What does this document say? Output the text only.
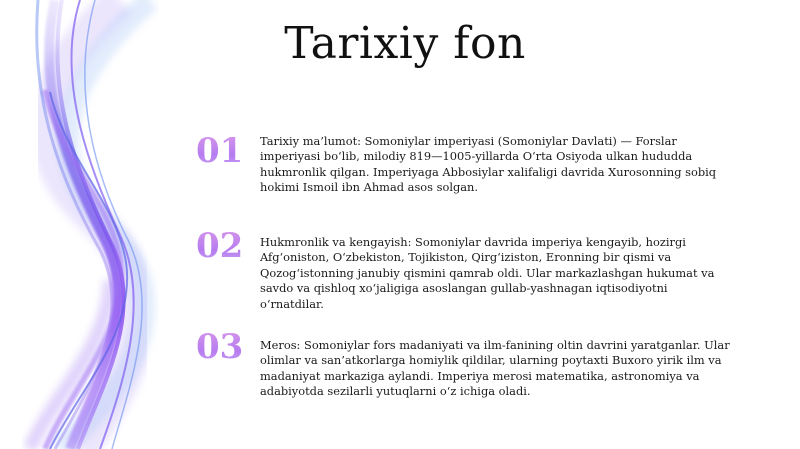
Tarixiy fon
01	Tarixiy ma’lumot: Somoniylar imperiyasi (Somoniylar Davlati) — Forslar imperiyasi bo‘lib, milodiy 819—1005-yillarda O‘rta Osiyoda ulkan hududda hukmronlik qilgan. Imperiyaga Abbosiylar xalifaligi davrida Xurosonning sobiq hokimi Ismoil ibn Ahmad asos solgan.
02	Hukmronlik va kengayish: Somoniylar davrida imperiya kengayib, hozirgi Afg‘oniston, O‘zbekiston, Tojikiston, Qirg‘iziston, Eronning bir qismi va Qozog‘istonning janubiy qismini qamrab oldi. Ular markazlashgan hukumat va savdo va qishloq xo‘jaligiga asoslangan gullab-yashnagan iqtisodiyotni o‘rnatdilar.
03	Meros: Somoniylar fors madaniyati va ilm-fanining oltin davrini yaratganlar. Ular olimlar va san’atkorlarga homiylik qildilar, ularning poytaxti Buxoro yirik ilm va madaniyat markaziga aylandi. Imperiya merosi matematika, astronomiya va adabiyotda sezilarli yutuqlarni o‘z ichiga oladi.
